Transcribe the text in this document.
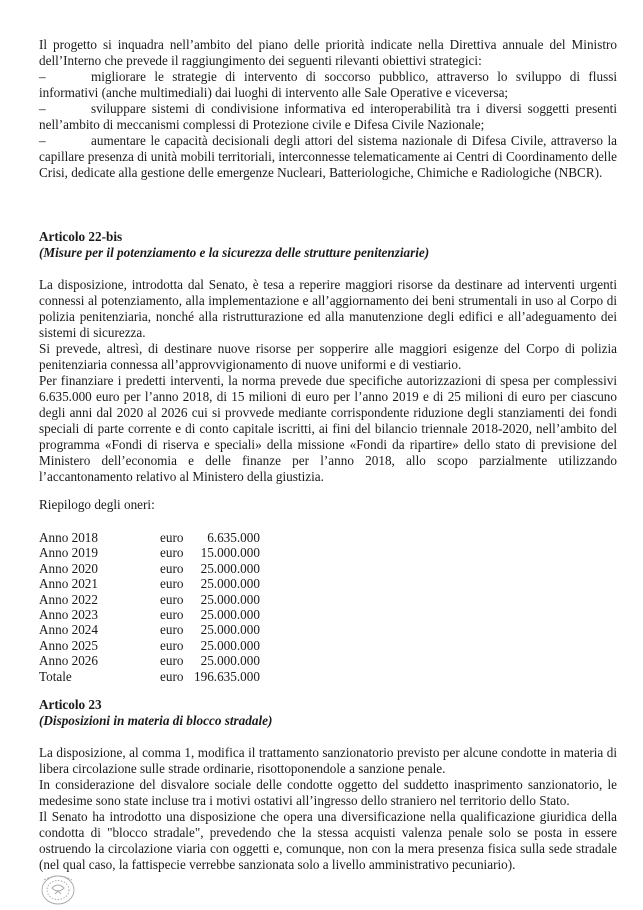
Il progetto si inquadra nell’ambito del piano delle priorità indicate nella Direttiva annuale del Ministro dell’Interno che prevede il raggiungimento dei seguenti rilevanti obiettivi strategici:

–	migliorare le strategie di intervento di soccorso pubblico, attraverso lo sviluppo di flussi informativi (anche multimediali) dai luoghi di intervento alle Sale Operative e viceversa;
–	sviluppare sistemi di condivisione informativa ed interoperabilità tra i diversi soggetti presenti nell’ambito di meccanismi complessi di Protezione civile e Difesa Civile Nazionale;
–	aumentare le capacità decisionali degli attori del sistema nazionale di Difesa Civile, attraverso la capillare presenza di unità mobili territoriali, interconnesse telematicamente ai Centri di Coordinamento delle Crisi, dedicate alla gestione delle emergenze Nucleari, Batteriologiche, Chimiche e Radiologiche (NBCR).

Articolo 22-bis

(Misure per il potenziamento e la sicurezza delle strutture penitenziarie)

La disposizione, introdotta dal Senato, è tesa a reperire maggiori risorse da destinare ad interventi urgenti connessi al potenziamento, alla implementazione e all’aggiornamento dei beni strumentali in uso al Corpo di polizia penitenziaria, nonché alla ristrutturazione ed alla manutenzione degli edifici e all’adeguamento dei sistemi di sicurezza.

Si prevede, altresì, di destinare nuove risorse per sopperire alle maggiori esigenze del Corpo di polizia penitenziaria connessa all’approvvigionamento di nuove uniformi e di vestiario.

Per finanziare i predetti interventi, la norma prevede due specifiche autorizzazioni di spesa per complessivi 6.635.000 euro per l’anno 2018, di 15 milioni di euro per l’anno 2019 e di 25 milioni di euro per ciascuno degli anni dal 2020 al 2026 cui si provvede mediante corrispondente riduzione degli stanziamenti dei fondi speciali di parte corrente e di conto capitale iscritti, ai fini del bilancio triennale 2018-2020, nell’ambito del programma «Fondi di riserva e speciali» della missione «Fondi da ripartire» dello stato di previsione del Ministero dell’economia e delle finanze per l’anno 2018, allo scopo parzialmente utilizzando l’accantonamento relativo al Ministero della giustizia.

Riepilogo degli oneri:

Anno 2018	euro	6.635.000
Anno 2019	euro	15.000.000
Anno 2020	euro	25.000.000
Anno 2021	euro	25.000.000
Anno 2022	euro	25.000.000
Anno 2023	euro	25.000.000
Anno 2024	euro	25.000.000
Anno 2025	euro	25.000.000
Anno 2026	euro	25.000.000
Totale	euro	196.635.000

Articolo 23

(Disposizioni in materia di blocco stradale)

La disposizione, al comma 1, modifica il trattamento sanzionatorio previsto per alcune condotte in materia di libera circolazione sulle strade ordinarie, risottoponendole a sanzione penale.

In considerazione del disvalore sociale delle condotte oggetto del suddetto inasprimento sanzionatorio, le medesime sono state incluse tra i motivi ostativi all’ingresso dello straniero nel territorio dello Stato.

Il Senato ha introdotto una disposizione che opera una diversificazione nella qualificazione giuridica della condotta di "blocco stradale", prevedendo che la stessa acquisti valenza penale solo se posta in essere ostruendo la circolazione viaria con oggetti e, comunque, non con la mera presenza fisica sulla sede stradale (nel qual caso, la fattispecie verrebbe sanzionata solo a livello amministrativo pecuniario).
